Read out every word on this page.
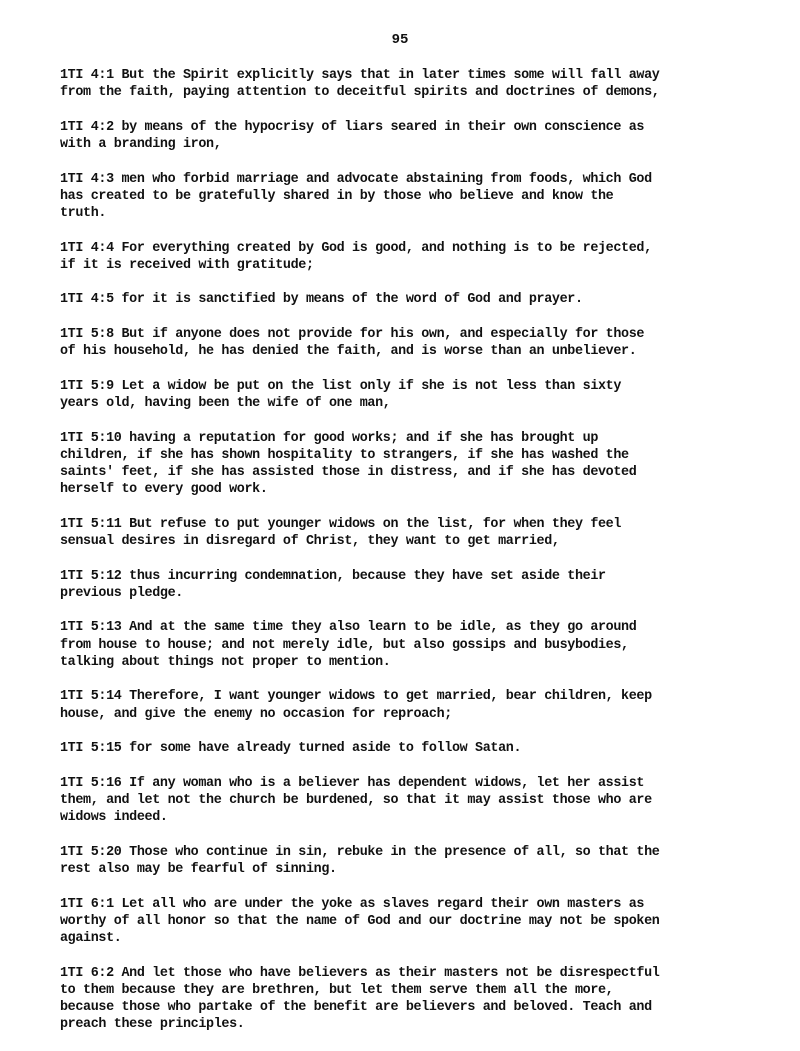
95
1TI 4:1 But the Spirit explicitly says that in later times some will fall away
from the faith, paying attention to deceitful spirits and doctrines of demons,
1TI 4:2 by means of the hypocrisy of liars seared in their own conscience as
with a branding iron,
1TI 4:3 men who forbid marriage and advocate abstaining from foods, which God
has created to be gratefully shared in by those who believe and know the
truth.
1TI 4:4 For everything created by God is good, and nothing is to be rejected,
if it is received with gratitude;
1TI 4:5 for it is sanctified by means of the word of God and prayer.
1TI 5:8 But if anyone does not provide for his own, and especially for those
of his household, he has denied the faith, and is worse than an unbeliever.
1TI 5:9 Let a widow be put on the list only if she is not less than sixty
years old, having been the wife of one man,
1TI 5:10 having a reputation for good works; and if she has brought up
children, if she has shown hospitality to strangers, if she has washed the
saints' feet, if she has assisted those in distress, and if she has devoted
herself to every good work.
1TI 5:11 But refuse to put younger widows on the list, for when they feel
sensual desires in disregard of Christ, they want to get married,
1TI 5:12 thus incurring condemnation, because they have set aside their
previous pledge.
1TI 5:13 And at the same time they also learn to be idle, as they go around
from house to house; and not merely idle, but also gossips and busybodies,
talking about things not proper to mention.
1TI 5:14 Therefore, I want younger widows to get married, bear children, keep
house, and give the enemy no occasion for reproach;
1TI 5:15 for some have already turned aside to follow Satan.
1TI 5:16 If any woman who is a believer has dependent widows, let her assist
them, and let not the church be burdened, so that it may assist those who are
widows indeed.
1TI 5:20 Those who continue in sin, rebuke in the presence of all, so that the
rest also may be fearful of sinning.
1TI 6:1 Let all who are under the yoke as slaves regard their own masters as
worthy of all honor so that the name of God and our doctrine may not be spoken
against.
1TI 6:2 And let those who have believers as their masters not be disrespectful
to them because they are brethren, but let them serve them all the more,
because those who partake of the benefit are believers and beloved. Teach and
preach these principles.
